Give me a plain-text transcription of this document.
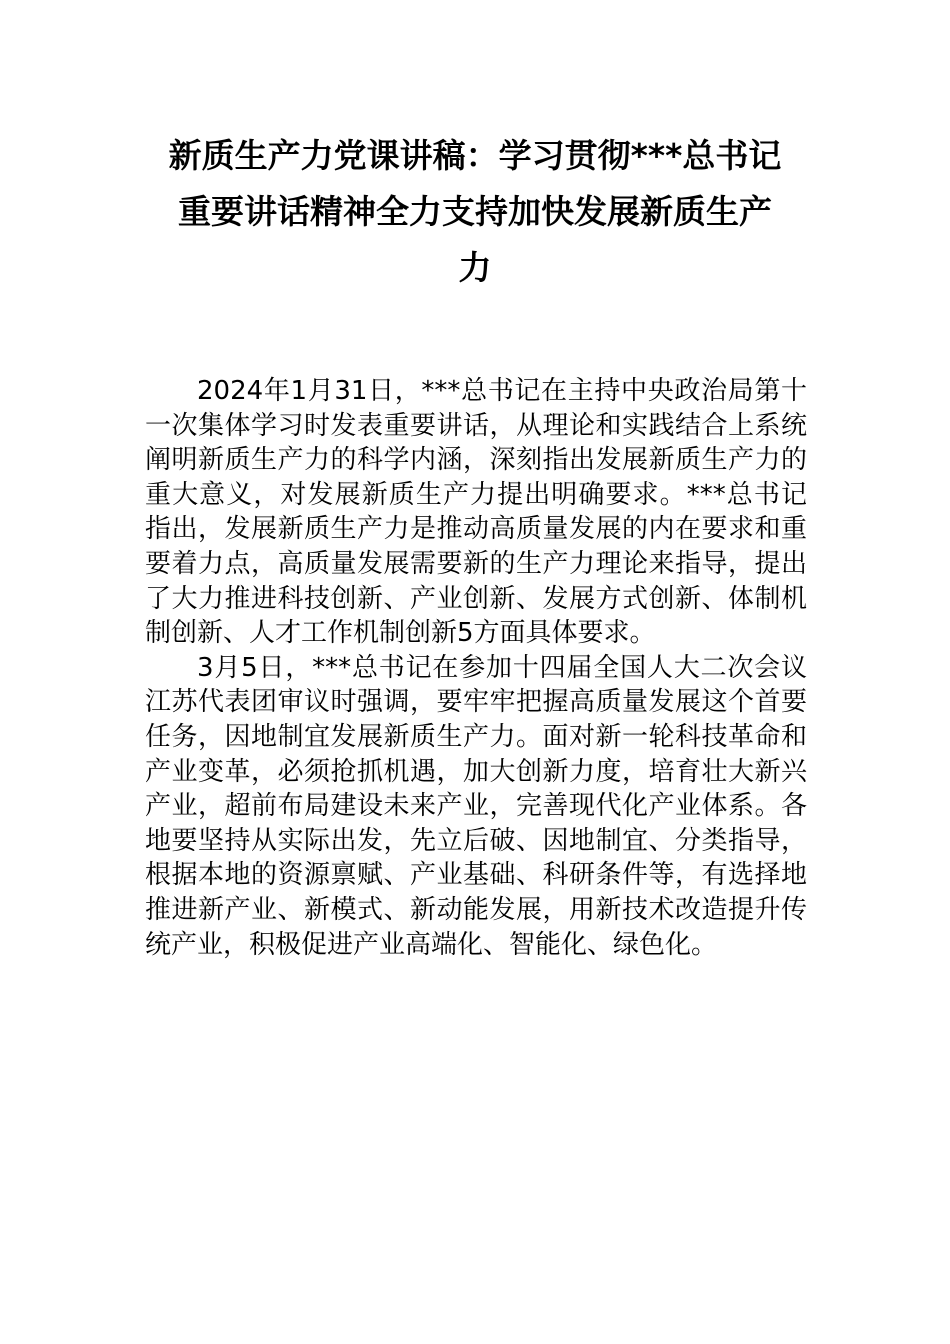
新质生产力党课讲稿：学习贯彻***总书记
重要讲话精神全力支持加快发展新质生产
力

2024年1月31日，***总书记在主持中央政治局第十一次集体学习时发表重要讲话，从理论和实践结合上系统阐明新质生产力的科学内涵，深刻指出发展新质生产力的重大意义，对发展新质生产力提出明确要求。***总书记指出，发展新质生产力是推动高质量发展的内在要求和重要着力点，高质量发展需要新的生产力理论来指导，提出了大力推进科技创新、产业创新、发展方式创新、体制机制创新、人才工作机制创新5方面具体要求。

3月5日，***总书记在参加十四届全国人大二次会议江苏代表团审议时强调，要牢牢把握高质量发展这个首要任务，因地制宜发展新质生产力。面对新一轮科技革命和产业变革，必须抢抓机遇，加大创新力度，培育壮大新兴产业，超前布局建设未来产业，完善现代化产业体系。各地要坚持从实际出发，先立后破、因地制宜、分类指导，根据本地的资源禀赋、产业基础、科研条件等，有选择地推进新产业、新模式、新动能发展，用新技术改造提升传统产业，积极促进产业高端化、智能化、绿色化。
